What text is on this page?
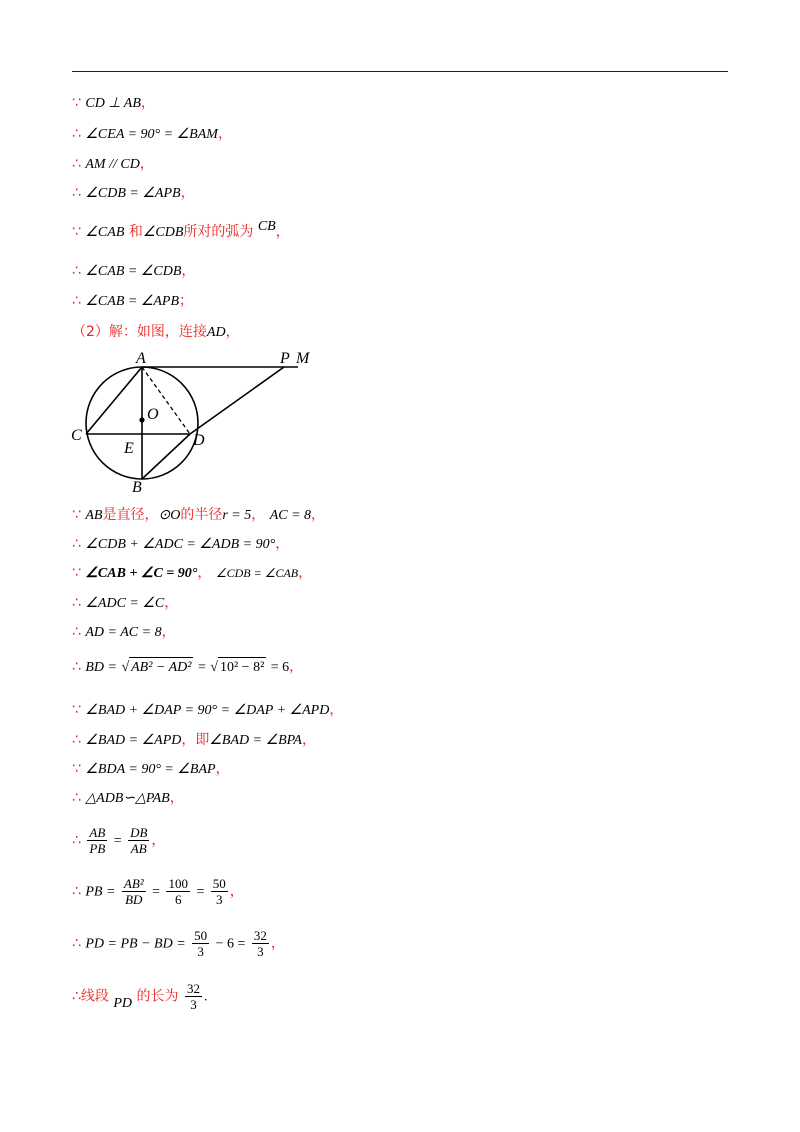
∵ CD ⊥ AB，
∴ ∠CEA = 90° = ∠BAM，
∴ AM // CD，
∴ ∠CDB = ∠APB，
∵ ∠CAB 和∠CDB所对的弧为 CB，
∴ ∠CAB = ∠CDB，
∴ ∠CAB = ∠APB；
（2）解：如图，连接AD，
A	P M
O
C
E	D
B
∵ AB是直径，⊙O的半径r = 5， AC = 8，
∴ ∠CDB + ∠ADC = ∠ADB = 90°，
∵ ∠CAB + ∠C = 90°， ∠CDB = ∠CAB，
∴ ∠ADC = ∠C，
∴ AD = AC = 8，
∴ BD = √ AB² − AD² = √ 10² − 8² = 6，
∵ ∠BAD + ∠DAP = 90° = ∠DAP + ∠APD，
∴ ∠BAD = ∠APD，即∠BAD = ∠BPA，
∵ ∠BDA = 90° = ∠BAP，
∴ △ADB∽△PAB，
∴ $\frac{AB}{PB} = \frac{DB}{AB}$ ，
∴ PB = $\frac{\text{AB²}}{BD} = \frac{100}{6} = \frac{50}{3}$ ，
∴ PD = PB − BD = $\frac{50}{3} - 6 = \frac{32}{3}$ ，
∴线段 PD 的长为 $\frac{32}{3}$ .
